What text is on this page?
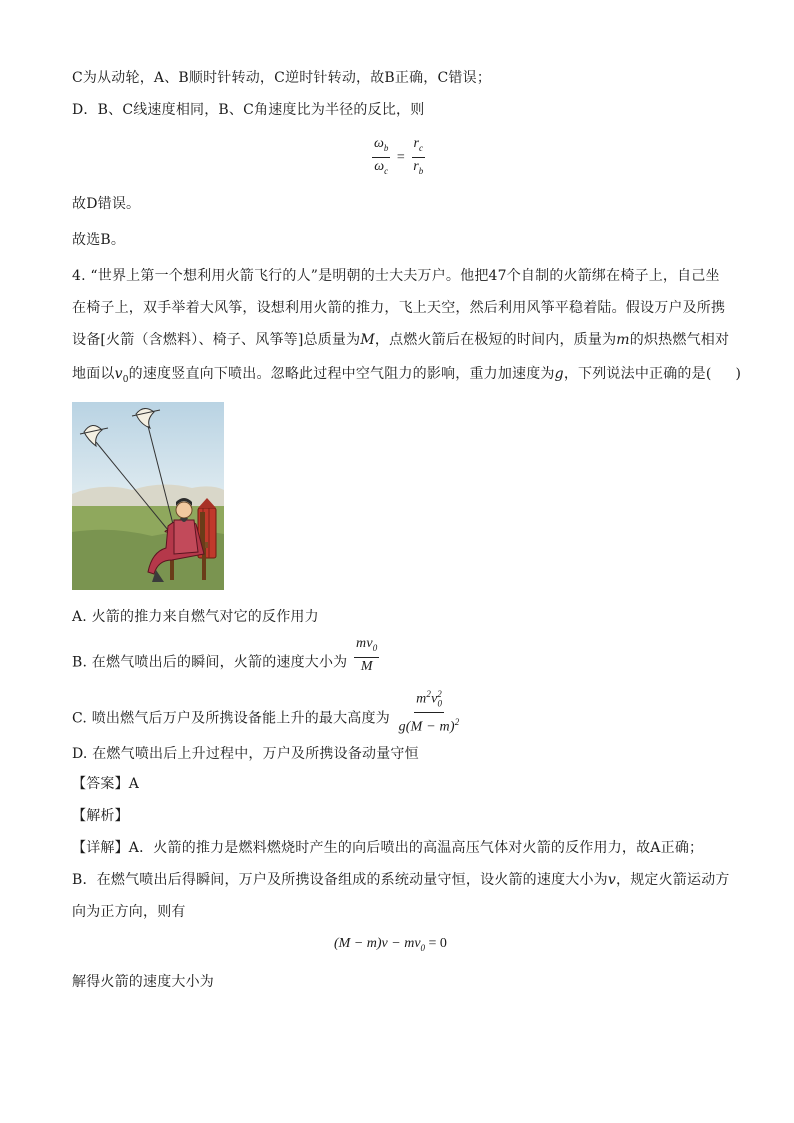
C为从动轮，A、B顺时针转动，C逆时针转动，故B正确，C错误；
D．B、C线速度相同，B、C角速度比为半径的反比，则
$\frac{\omega_b}{\omega_c} = \frac{r_c}{r_b}$
故D错误。
故选B。
4. “世界上第一个想利用火箭飞行的人”是明朝的士大夫万户。他把47个自制的火箭绑在椅子上，自己坐
在椅子上，双手举着大风筝，设想利用火箭的推力，飞上天空，然后利用风筝平稳着陆。假设万户及所携
设备[火箭（含燃料）、椅子、风筝等]总质量为M，点燃火箭后在极短的时间内，质量为m的炽热燃气相对
地面以$v_0$的速度竖直向下喷出。忽略此过程中空气阻力的影响，重力加速度为g，下列说法中正确的是( )
A. 火箭的推力来自燃气对它的反作用力
B. 在燃气喷出后的瞬间，火箭的速度大小为 $\frac{mv_0}{M}$
C. 喷出燃气后万户及所携设备能上升的最大高度为 $\frac{m^2v_0^2}{g(M - m)^2}$
D. 在燃气喷出后上升过程中，万户及所携设备动量守恒
【答案】A
【解析】
【详解】A．火箭的推力是燃料燃烧时产生的向后喷出的高温高压气体对火箭的反作用力，故A正确；
B．在燃气喷出后得瞬间，万户及所携设备组成的系统动量守恒，设火箭的速度大小为v，规定火箭运动方
向为正方向，则有
$(M - m)v - mv_0 = 0$
解得火箭的速度大小为
